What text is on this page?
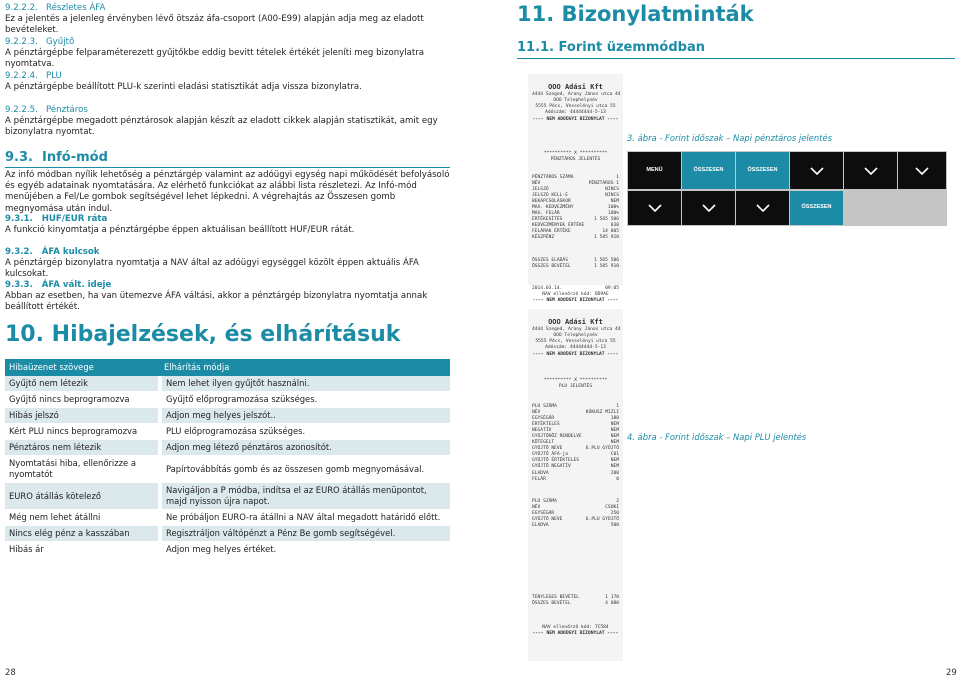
9.2.2.2. Részletes ÁFA
Ez a jelentés a jelenleg érvényben lévő ötszáz áfa-csoport (A00-E99) alapján adja meg az eladott bevételeket.
9.2.2.3. Gyűjtő
A pénztárgépbe felparaméterezett gyűjtőkbe eddig bevitt tételek értékét jeleníti meg bizonylatra nyomtatva.
9.2.2.4. PLU
A pénztárgépbe beállított PLU-k szerinti eladási statisztikát adja vissza bizonylatra.
9.2.2.5. Pénztáros
A pénztárgépbe megadott pénztárosok alapján készít az eladott cikkek alapján statisztikát, amit egy bizonylatra nyomtat.
9.3. Infó-mód
Az infó módban nyílik lehetőség a pénztárgép valamint az adóügyi egység napi működését befolyásoló és egyéb adatainak nyomtatására. Az elérhető funkciókat az alábbi lista részletezi. Az Infó-mód menüjében a Fel/Le gombok segítségével lehet lépkedni. A végrehajtás az Összesen gomb megnyomása után indul.
9.3.1. HUF/EUR ráta
A funkció kinyomtatja a pénztárgépbe éppen aktuálisan beállított HUF/EUR rátát.
9.3.2. ÁFA kulcsok
A pénztárgép bizonylatra nyomtatja a NAV által az adóügyi egységgel közölt éppen aktuális ÁFA kulcsokat.
9.3.3. ÁFA vált. ideje
Abban az esetben, ha van ütemezve ÁFA váltási, akkor a pénztárgép bizonylatra nyomtatja annak beállított értékét.
10. Hibajelzések, és elhárításuk
Hibaüzenet szövege	Elhárítás módja
Gyűjtő nem létezik	Nem lehet ilyen gyűjtőt használni.
Gyűjtő nincs beprogramozva	Gyűjtő előprogramozása szükséges.
Hibás jelszó	Adjon meg helyes jelszót..
Kért PLU nincs beprogramozva	PLU előprogramozása szükséges.
Pénztáros nem létezik	Adjon meg létező pénztáros azonosítót.
Nyomtatási hiba, ellenőrizze a nyomtatót	Papírtovábbítás gomb és az összesen gomb megnyomásával.
EURO átállás kötelező	Navigáljon a P módba, indítsa el az EURO átállás menüpontot, majd nyisson újra napot.
Még nem lehet átállni	Ne próbáljon EURO-ra átállni a NAV által megadott határidő előtt.
Nincs elég pénz a kasszában	Regisztráljon váltópénzt a Pénz Be gomb segítségével.
Hibás ár	Adjon meg helyes értéket.
28
11. Bizonylatminták
11.1. Forint üzemmódban

OOO Adási Kft
4444 Szeged, Arany János utca 44
OOO Telephelynév
5555 Pécs, Vesselényi utca 55
Adószám: 44444444-5-13
---- NEM ADOÜGYI BIZONYLAT ----

********** X **********
PÉNZTÁROS JELENTÉS

PÉNZTÁROS SZÁMA	1
NÉV	PÉNZTÁROS 1
JELSZÓ	NINCS
JELSZÓ KELL-E	NINCS
BEKAPCSOLÁSKOR	NEM
MAX. KEDVEZMÉNY	100%
MAX. FELÁR	100%
ÉRTÉKESÍTÉS	1 565 506
KEDVEZMÉNYEK ÉRTÉKE	830
FELÁRAK ÉRTÉKE	14 805
KÉSZPÉNZ	1 585 910

ÖSSZES ELADÁS	1 565 506
ÖSSZES BEVÉTEL	1 585 910

2014.03.14.	09:05
NAV ellenőrző kód: DD9AE
---- NEM ADOÜGYI BIZONYLAT ----

OOO Adási Kft
4444 Szeged, Arany János utca 44
OOO Telephelynév
5555 Pécs, Vesselényi utca 55
Adószám: 44444444-5-13
---- NEM ADOÜGYI BIZONYLAT ----

********** X **********
PLU JELENTÉS

PLU SZÁMA	1
NÉV	KÓKUSZ MIZLI
EGYSÉGÁR	180
ÉRTÉKTELES	NEM
NEGATÍV	NEM
GYŰJTŐHÖZ RENDELVE	NEM
KÖTEGELT	NEM
GYŰJTŐ NEVE	6.PLU GYŰJTŐ
GYŰJTŐ ÁFA-ja	C01
GYŰJTŐ ÉRTÉKTELES	NEM
GYŰJTŐ NEGATÍV	NEM
ELADVA	200
FELÁR	0

PLU SZÁMA	2
NÉV	CSOKI
EGYSÉGÁR	250
GYŰJTŐ NEVE	6.PLU GYŰJTŐ
ELADVA	500

TENYLEGES BEVÉTEL	1 170
ÖSSZES BEVÉTEL	4 880

NAV ellenőrző kód: 7C584
---- NEM ADOÜGYI BIZONYLAT ----

3. ábra - Forint időszak – Napi pénztáros jelentés
MENÜ	ÖSSZESEN	ÖSSZESEN
ÖSSZESEN
4. ábra - Forint időszak – Napi PLU jelentés
29
